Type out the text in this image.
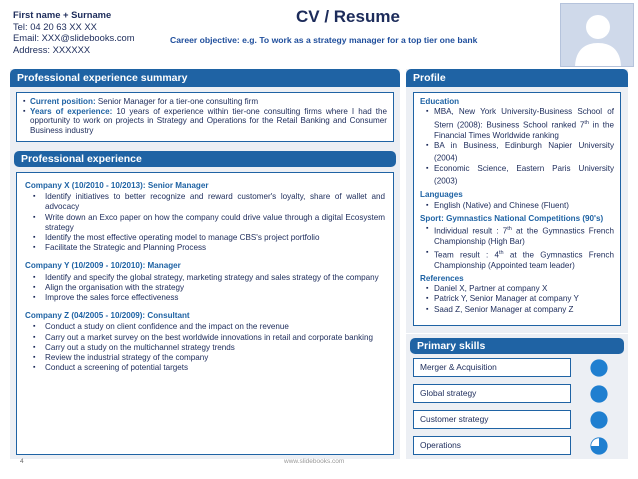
First name + Surname
Tel: 04 20 63 XX XX
Email: XXX@slidebooks.com
Address: XXXXXX
CV / Resume
Career objective: e.g. To work as a strategy manager for a top tier one bank
Professional experience summary
▪ Current position: Senior Manager for a tier-one consulting firm
▪ Years of experience: 10 years of experience within tier-one consulting firms where I had the opportunity to work on projects in Strategy and Operations for the Retail Banking and Consumer Business industry
Professional experience
Company X (10/2010 - 10/2013): Senior Manager
▪ Identify initiatives to better recognize and reward customer's loyalty, share of wallet and advocacy
▪ Write down an Exco paper on how the company could drive value through a digital Ecosystem strategy
▪ Identify the most effective operating model to manage CBS's project portfolio
▪ Facilitate the Strategic and Planning Process
Company Y (10/2009 - 10/2010): Manager
▪ Identify and specify the global strategy, marketing strategy and sales strategy of the company
▪ Align the organisation with the strategy
▪ Improve the sales force effectiveness
Company Z (04/2005 - 10/2009): Consultant
▪ Conduct a study on client confidence and the impact on the revenue
▪ Carry out a market survey on the best worldwide innovations in retail and corporate banking
▪ Carry out a study on the multichannel strategy trends
▪ Review the industrial strategy of the company
▪ Conduct a screening of potential targets
Profile
Education
▪ MBA, New York University-Business School of Stern (2008): Business School ranked 7th in the Financial Times Worldwide ranking
▪ BA in Business, Edinburgh Napier University (2004)
▪ Economic Science, Eastern Paris University (2003)
Languages
▪ English (Native) and Chinese (Fluent)
Sport: Gymnastics National Competitions (90's)
▪ Individual result : 7th at the Gymnastics French Championship (High Bar)
▪ Team result : 4th at the Gymnastics French Championship (Appointed team leader)
References
▪ Daniel X, Partner at company X
▪ Patrick Y, Senior Manager at company Y
▪ Saad Z, Senior Manager at company Z
Primary skills
Merger & Acquisition
Global strategy
Customer strategy
Operations
4	www.slidebooks.com
